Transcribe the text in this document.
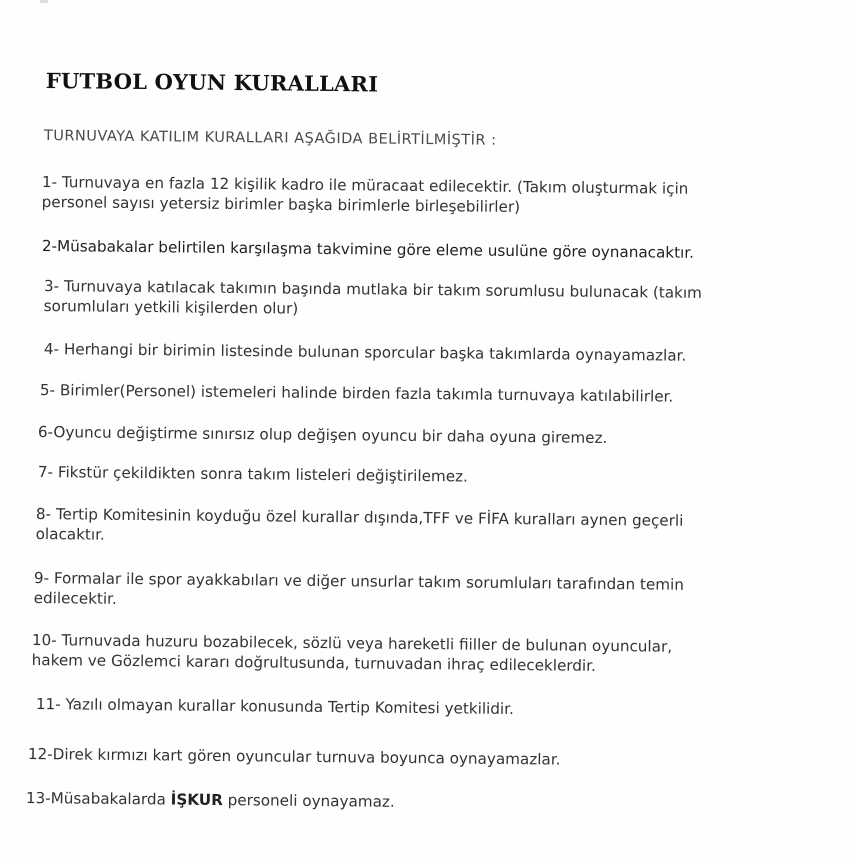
FUTBOL OYUN KURALLARI
TURNUVAYA KATILIM KURALLARI AŞAĞIDA BELİRTİLMİŞTİR :
1- Turnuvaya en fazla 12 kişilik kadro ile müracaat edilecektir. (Takım oluşturmak için
personel sayısı yetersiz birimler başka birimlerle birleşebilirler)
2-Müsabakalar belirtilen karşılaşma takvimine göre eleme usulüne göre oynanacaktır.
3- Turnuvaya katılacak takımın başında mutlaka bir takım sorumlusu bulunacak (takım
sorumluları yetkili kişilerden olur)
4- Herhangi bir birimin listesinde bulunan sporcular başka takımlarda oynayamazlar.
5- Birimler(Personel) istemeleri halinde birden fazla takımla turnuvaya katılabilirler.
6-Oyuncu değiştirme sınırsız olup değişen oyuncu bir daha oyuna giremez.
7- Fikstür çekildikten sonra takım listeleri değiştirilemez.
8- Tertip Komitesinin koyduğu özel kurallar dışında,TFF ve FİFA kuralları aynen geçerli
olacaktır.
9- Formalar ile spor ayakkabıları ve diğer unsurlar takım sorumluları tarafından temin
edilecektir.
10- Turnuvada huzuru bozabilecek, sözlü veya hareketli fiiller de bulunan oyuncular,
hakem ve Gözlemci kararı doğrultusunda, turnuvadan ihraç edileceklerdir.
11- Yazılı olmayan kurallar konusunda Tertip Komitesi yetkilidir.
12-Direk kırmızı kart gören oyuncular turnuva boyunca oynayamazlar.
13-Müsabakalarda İŞKUR personeli oynayamaz.
